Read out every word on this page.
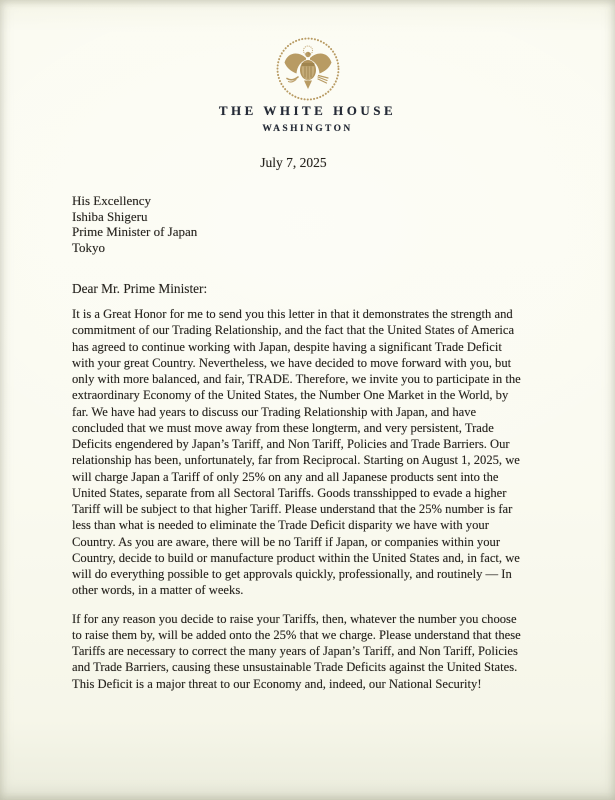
THE WHITE HOUSE
WASHINGTON
July 7, 2025
His Excellency
Ishiba Shigeru
Prime Minister of Japan
Tokyo
Dear Mr. Prime Minister:
It is a Great Honor for me to send you this letter in that it demonstrates the strength and
commitment of our Trading Relationship, and the fact that the United States of America
has agreed to continue working with Japan, despite having a significant Trade Deficit
with your great Country. Nevertheless, we have decided to move forward with you, but
only with more balanced, and fair, TRADE. Therefore, we invite you to participate in the
extraordinary Economy of the United States, the Number One Market in the World, by
far. We have had years to discuss our Trading Relationship with Japan, and have
concluded that we must move away from these longterm, and very persistent, Trade
Deficits engendered by Japan’s Tariff, and Non Tariff, Policies and Trade Barriers. Our
relationship has been, unfortunately, far from Reciprocal. Starting on August 1, 2025, we
will charge Japan a Tariff of only 25% on any and all Japanese products sent into the
United States, separate from all Sectoral Tariffs. Goods transshipped to evade a higher
Tariff will be subject to that higher Tariff. Please understand that the 25% number is far
less than what is needed to eliminate the Trade Deficit disparity we have with your
Country. As you are aware, there will be no Tariff if Japan, or companies within your
Country, decide to build or manufacture product within the United States and, in fact, we
will do everything possible to get approvals quickly, professionally, and routinely — In
other words, in a matter of weeks.
If for any reason you decide to raise your Tariffs, then, whatever the number you choose
to raise them by, will be added onto the 25% that we charge. Please understand that these
Tariffs are necessary to correct the many years of Japan’s Tariff, and Non Tariff, Policies
and Trade Barriers, causing these unsustainable Trade Deficits against the United States.
This Deficit is a major threat to our Economy and, indeed, our National Security!
